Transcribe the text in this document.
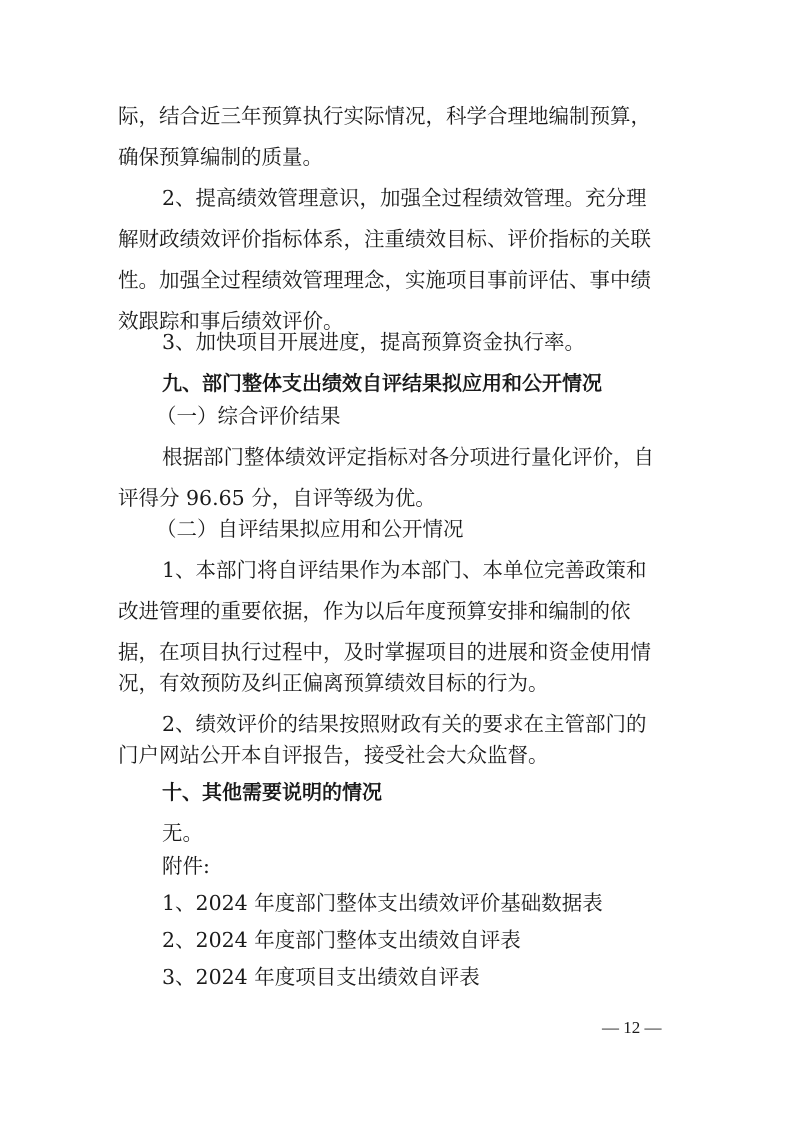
际，结合近三年预算执行实际情况，科学合理地编制预算，
确保预算编制的质量。
2、提高绩效管理意识，加强全过程绩效管理。充分理
解财政绩效评价指标体系，注重绩效目标、评价指标的关联
性。加强全过程绩效管理理念，实施项目事前评估、事中绩
效跟踪和事后绩效评价。
3、加快项目开展进度，提高预算资金执行率。
九、部门整体支出绩效自评结果拟应用和公开情况
（一）综合评价结果
根据部门整体绩效评定指标对各分项进行量化评价，自
评得分 96.65 分，自评等级为优。
（二）自评结果拟应用和公开情况
1、本部门将自评结果作为本部门、本单位完善政策和
改进管理的重要依据，作为以后年度预算安排和编制的依
据，在项目执行过程中，及时掌握项目的进展和资金使用情
况，有效预防及纠正偏离预算绩效目标的行为。
2、绩效评价的结果按照财政有关的要求在主管部门的
门户网站公开本自评报告，接受社会大众监督。
十、其他需要说明的情况
无。
附件:
1、2024 年度部门整体支出绩效评价基础数据表
2、2024 年度部门整体支出绩效自评表
3、2024 年度项目支出绩效自评表
— 12 —
